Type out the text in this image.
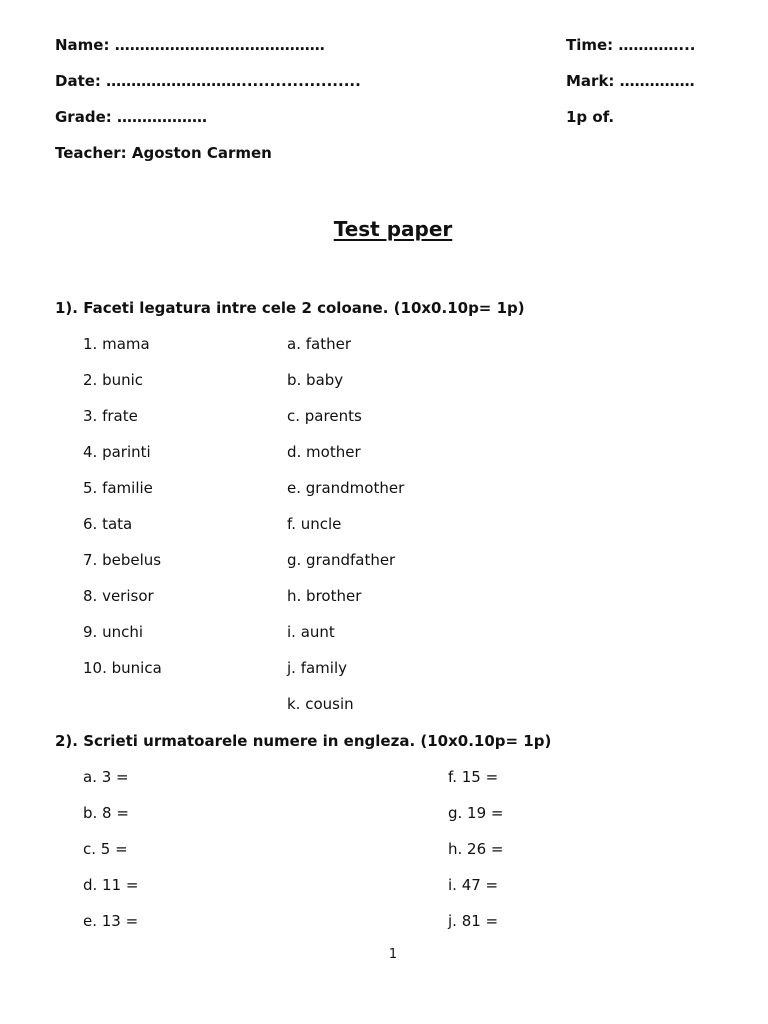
Name: ……………………………………
Date: ……………………….....................
Grade: ………………
Teacher: Agoston Carmen
Time: …………...
Mark: ……………
1p of.
Test paper
1). Faceti legatura intre cele 2 coloane. (10x0.10p= 1p)
1. mama
2. bunic
3. frate
4. parinti
5. familie
6. tata
7. bebelus
8. verisor
9. unchi
10. bunica
a. father
b. baby
c. parents
d. mother
e. grandmother
f. uncle
g. grandfather
h. brother
i. aunt
j. family
k. cousin
2). Scrieti urmatoarele numere in engleza. (10x0.10p= 1p)
a. 3 =
b. 8 =
c. 5 =
d. 11 =
e. 13 =
f. 15 =
g. 19 =
h. 26 =
i. 47 =
j. 81 =
1
